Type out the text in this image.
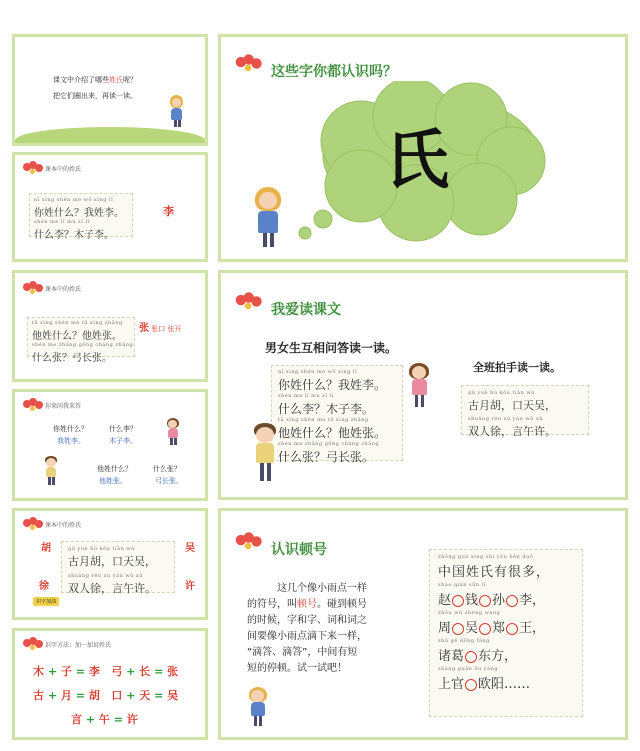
课文中介绍了哪些姓氏呢？
把它们圈出来，再读一读。
课本中的姓氏
nǐ xìng shén me wǒ xìng lǐ
你姓什么？我姓李。
shén me lǐ mù zǐ lǐ
什么李？木子李。
李
课本中的姓氏
tā xìng shén me tā xìng zhāng
他姓什么？他姓张。
shén me zhāng gōng cháng zhāng
什么张？弓长张。
张 张口 张开
你来问我来答
你姓什么？
我姓李。
什么李？
木子李。
他姓什么？
他姓张。
什么张？
弓长张。
课本中的姓氏
胡
徐
吴
许
gǔ yuè hú kǒu tiān wú
古月胡，口天吴，
shuāng rén xú yán wǔ xǔ
双人徐，言午许。
识字加油
识字方法：加一加说姓氏
木 + 子 = 李 弓 + 长 = 张
古 + 月 = 胡 口 + 天 = 吴
言 + 午 = 许
这些字你都认识吗？
氏
我爱读课文
男女生互相问答读一读。
全班拍手读一读。
nǐ xìng shén me wǒ xìng lǐ
你姓什么？我姓李。
shén me lǐ mù zǐ lǐ
什么李？木子李。
tā xìng shén me tā xìng zhāng
他姓什么？他姓张。
shén me zhāng gōng cháng zhāng
什么张？弓长张。
gǔ yuè hú kǒu tiān wú
古月胡，口天吴，
shuāng rén xú yán wǔ xǔ
双人徐，言午许。
认识顿号
这几个像小雨点一样
的符号，叫顿号。碰到顿号
的时候，字和字、词和词之
间要像小雨点滴下来一样，
“滴答、滴答”，中间有短
短的停顿。试一试吧！
zhōng guó xìng shì yǒu hěn duō
中国姓氏有很多，
zhào qián sūn lǐ
赵 钱 孙 李，
zhōu wú zhèng wáng
周 吴 郑 王，
zhū gě dōng fāng
诸葛 东方，
shàng guān ōu yáng
上官 欧阳……
